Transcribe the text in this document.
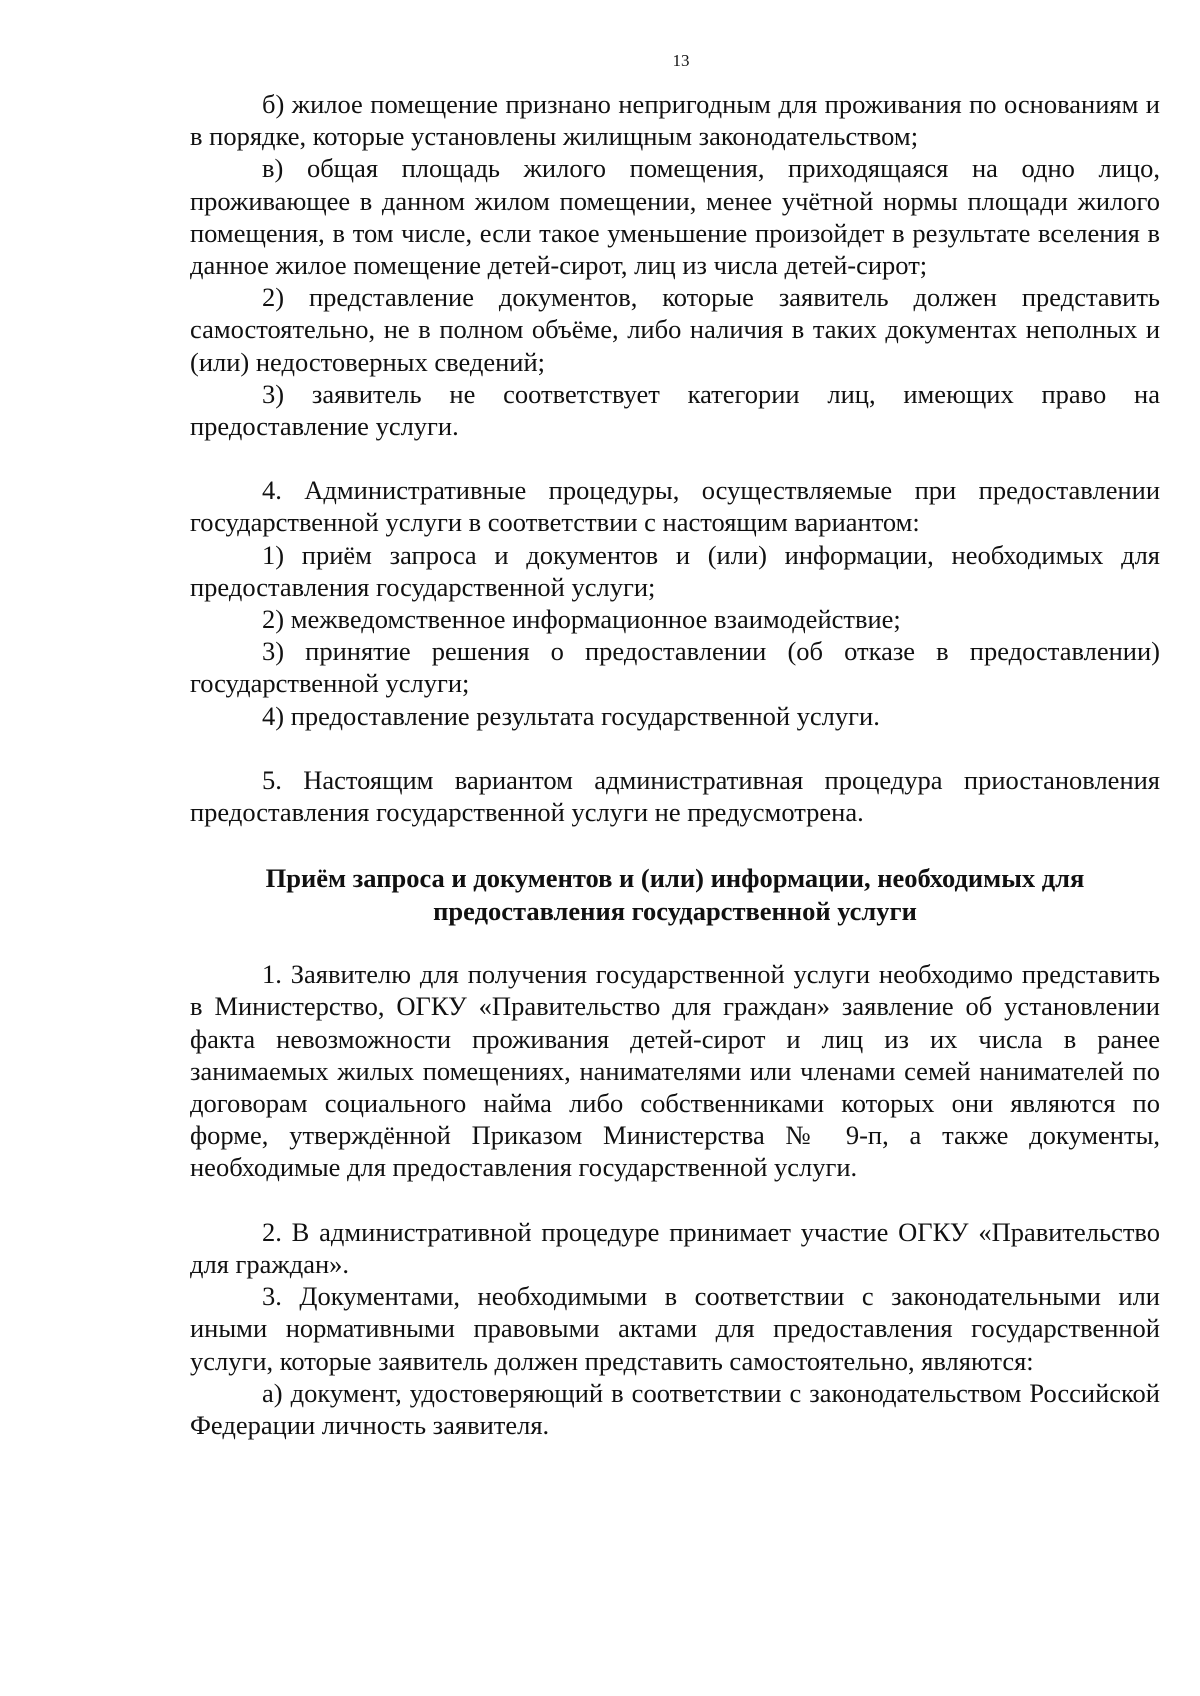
13

б) жилое помещение признано непригодным для проживания по основаниям и в порядке, которые установлены жилищным законодательством;

в) общая площадь жилого помещения, приходящаяся на одно лицо, проживающее в данном жилом помещении, менее учётной нормы площади жилого помещения, в том числе, если такое уменьшение произойдет в результате вселения в данное жилое помещение детей-сирот, лиц из числа детей-сирот;

2) представление документов, которые заявитель должен представить самостоятельно, не в полном объёме, либо наличия в таких документах неполных и (или) недостоверных сведений;

3) заявитель не соответствует категории лиц, имеющих право на предоставление услуги.

4. Административные процедуры, осуществляемые при предоставлении государственной услуги в соответствии с настоящим вариантом:

1) приём запроса и документов и (или) информации, необходимых для предоставления государственной услуги;

2) межведомственное информационное взаимодействие;

3) принятие решения о предоставлении (об отказе в предоставлении) государственной услуги;

4) предоставление результата государственной услуги.

5. Настоящим вариантом административная процедура приостановления предоставления государственной услуги не предусмотрена.

Приём запроса и документов и (или) информации, необходимых для предоставления государственной услуги

1. Заявителю для получения государственной услуги необходимо представить в Министерство, ОГКУ «Правительство для граждан» заявление об установлении факта невозможности проживания детей-сирот и лиц из их числа в ранее занимаемых жилых помещениях, нанимателями или членами семей нанимателей по договорам социального найма либо собственниками которых они являются по форме, утверждённой Приказом Министерства № 9-п, а также документы, необходимые для предоставления государственной услуги.

2. В административной процедуре принимает участие ОГКУ «Правительство для граждан».

3. Документами, необходимыми в соответствии с законодательными или иными нормативными правовыми актами для предоставления государственной услуги, которые заявитель должен представить самостоятельно, являются:

а) документ, удостоверяющий в соответствии с законодательством Российской Федерации личность заявителя.
